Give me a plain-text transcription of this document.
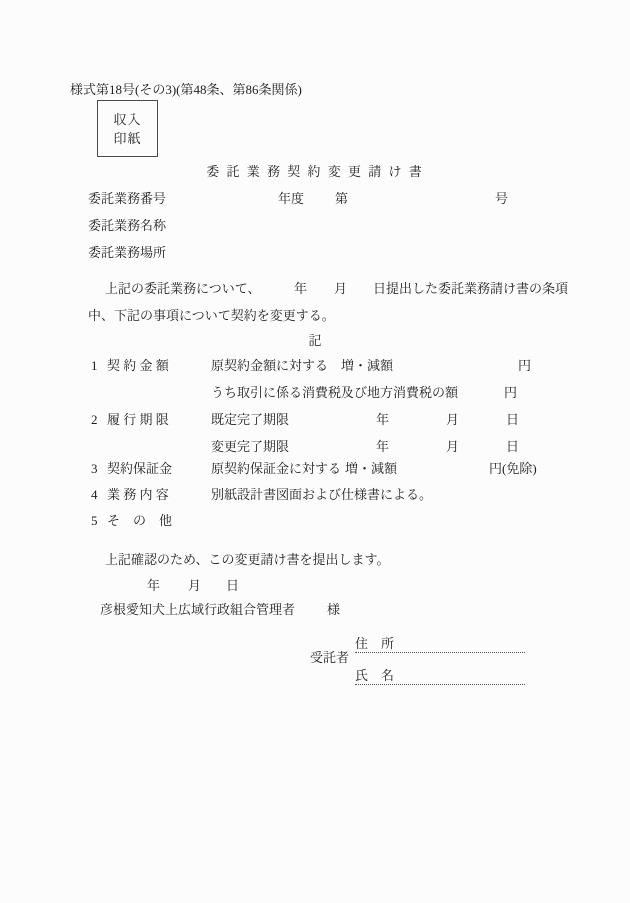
様式第18号(その3)(第48条、第86条関係)
収入
印紙
委 託 業 務 契 約 変 更 請 け 書
委託業務番号	年度 第	号
委託業務名称
委託業務場所
上記の委託業務について、	年 月 日提出した委託業務請け書の条項
中、下記の事項について契約を変更する。
記
1 契 約 金 額	原契約金額に対する 増・減額	円
うち取引に係る消費税及び地方消費税の額	円
2 履 行 期 限	既定完了期限	年	月	日
変更完了期限	年	月	日
3 契約保証金	原契約保証金に対する 増・減額	円(免除)
4 業 務 内 容	別紙設計書図面および仕様書による。
5 そ　の　他
上記確認のため、この変更請け書を提出します。
年 月 日
彦根愛知犬上広域行政組合管理者 様
受託者
住　所
氏　名
